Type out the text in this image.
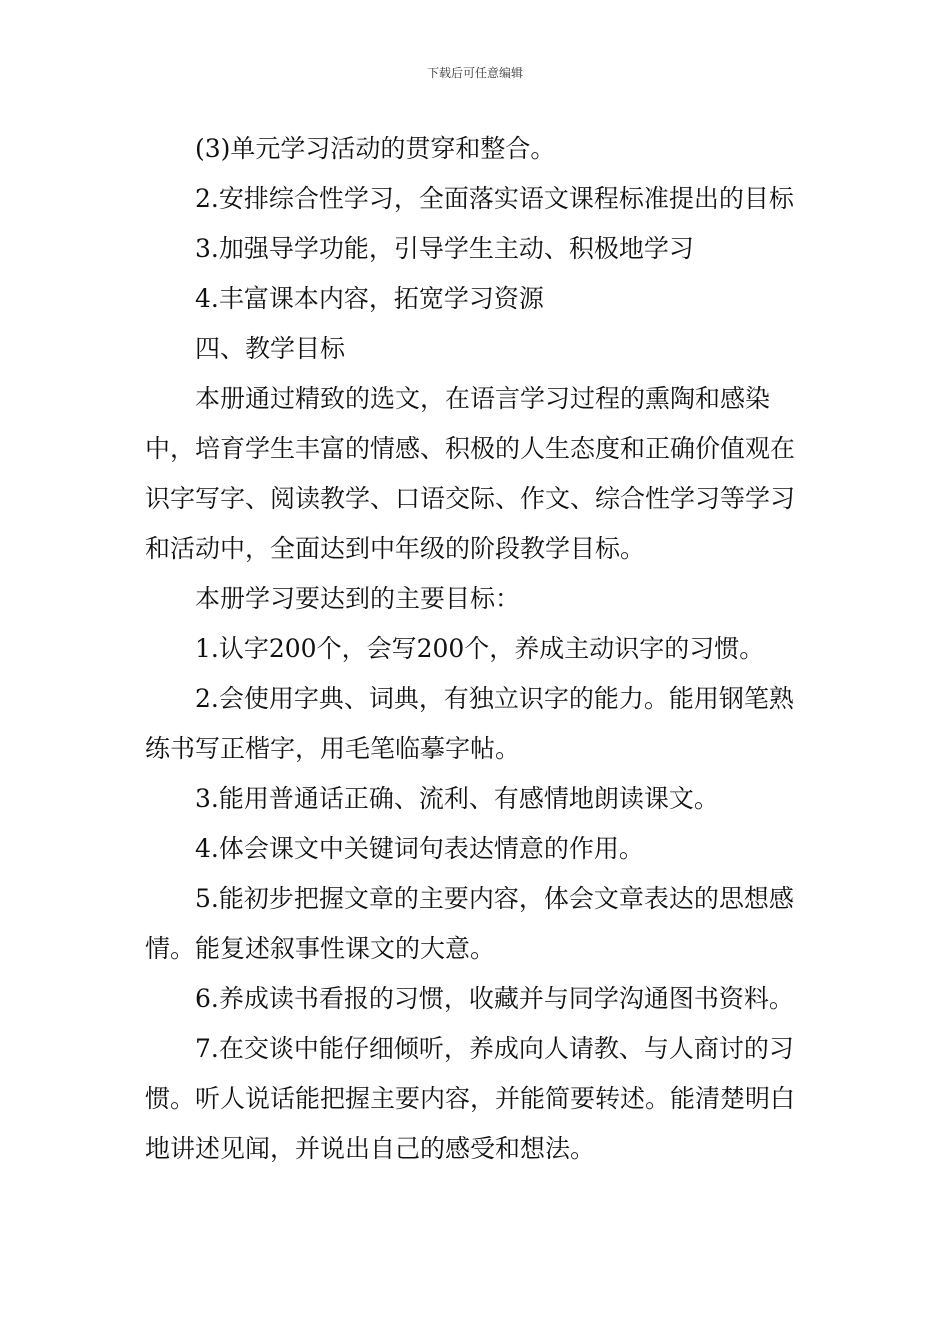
下载后可任意编辑

(3)单元学习活动的贯穿和整合。

2.安排综合性学习，全面落实语文课程标准提出的目标

3.加强导学功能，引导学生主动、积极地学习

4.丰富课本内容，拓宽学习资源

四、教学目标

本册通过精致的选文，在语言学习过程的熏陶和感染中，培育学生丰富的情感、积极的人生态度和正确价值观在识字写字、阅读教学、口语交际、作文、综合性学习等学习和活动中，全面达到中年级的阶段教学目标。

本册学习要达到的主要目标：

1.认字200个，会写200个，养成主动识字的习惯。

2.会使用字典、词典，有独立识字的能力。能用钢笔熟练书写正楷字，用毛笔临摹字帖。

3.能用普通话正确、流利、有感情地朗读课文。

4.体会课文中关键词句表达情意的作用。

5.能初步把握文章的主要内容，体会文章表达的思想感情。能复述叙事性课文的大意。

6.养成读书看报的习惯，收藏并与同学沟通图书资料。

7.在交谈中能仔细倾听，养成向人请教、与人商讨的习惯。听人说话能把握主要内容，并能简要转述。能清楚明白地讲述见闻，并说出自己的感受和想法。
